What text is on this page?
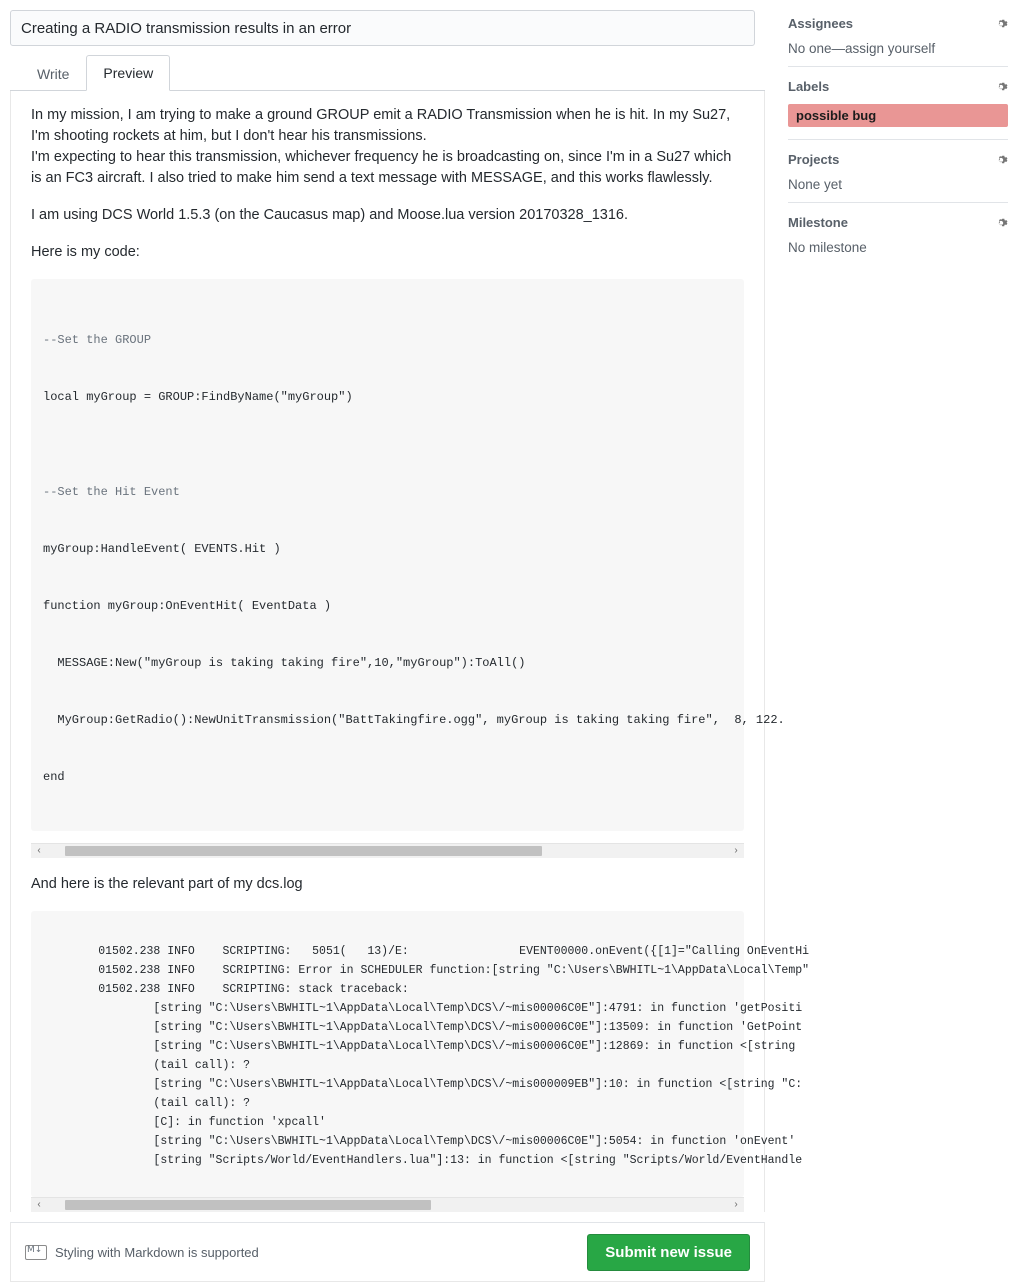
Creating a RADIO transmission results in an error
Write	Preview

In my mission, I am trying to make a ground GROUP emit a RADIO Transmission when he is hit. In my Su27,
I'm shooting rockets at him, but I don't hear his transmissions.
I'm expecting to hear this transmission, whichever frequency he is broadcasting on, since I'm in a Su27 which
is an FC3 aircraft. I also tried to make him send a text message with MESSAGE, and this works flawlessly.

I am using DCS World 1.5.3 (on the Caucasus map) and Moose.lua version 20170328_1316.

Here is my code:

--Set the GROUP

local myGroup = GROUP:FindByName("myGroup")

--Set the Hit Event

myGroup:HandleEvent( EVENTS.Hit )

function myGroup:OnEventHit( EventData )

MESSAGE:New("myGroup is taking taking fire",10,"myGroup"):ToAll()

MyGroup:GetRadio():NewUnitTransmission("BattTakingfire.ogg", myGroup is taking taking fire",  8, 122.

end

‹	›

And here is the relevant part of my dcs.log

01502.238 INFO    SCRIPTING:   5051(   13)/E:                EVENT00000.onEvent({[1]="Calling OnEventHi
01502.238 INFO    SCRIPTING: Error in SCHEDULER function:[string "C:\Users\BWHITL~1\AppData\Local\Temp"
01502.238 INFO    SCRIPTING: stack traceback:
[string "C:\Users\BWHITL~1\AppData\Local\Temp\DCS\/~mis00006C0E"]:4791: in function 'getPositi
[string "C:\Users\BWHITL~1\AppData\Local\Temp\DCS\/~mis00006C0E"]:13509: in function 'GetPoint
[string "C:\Users\BWHITL~1\AppData\Local\Temp\DCS\/~mis00006C0E"]:12869: in function <[string
(tail call): ?
[string "C:\Users\BWHITL~1\AppData\Local\Temp\DCS\/~mis000009EB"]:10: in function <[string "C:
(tail call): ?
[C]: in function 'xpcall'
[string "C:\Users\BWHITL~1\AppData\Local\Temp\DCS\/~mis00006C0E"]:5054: in function 'onEvent'
[string "Scripts/World/EventHandlers.lua"]:13: in function <[string "Scripts/World/EventHandle

‹	›
M↓
Styling with Markdown is supported	Submit new issue
Assignees
No one—assign yourself
Labels
possible bug
Projects
None yet
Milestone
No milestone
